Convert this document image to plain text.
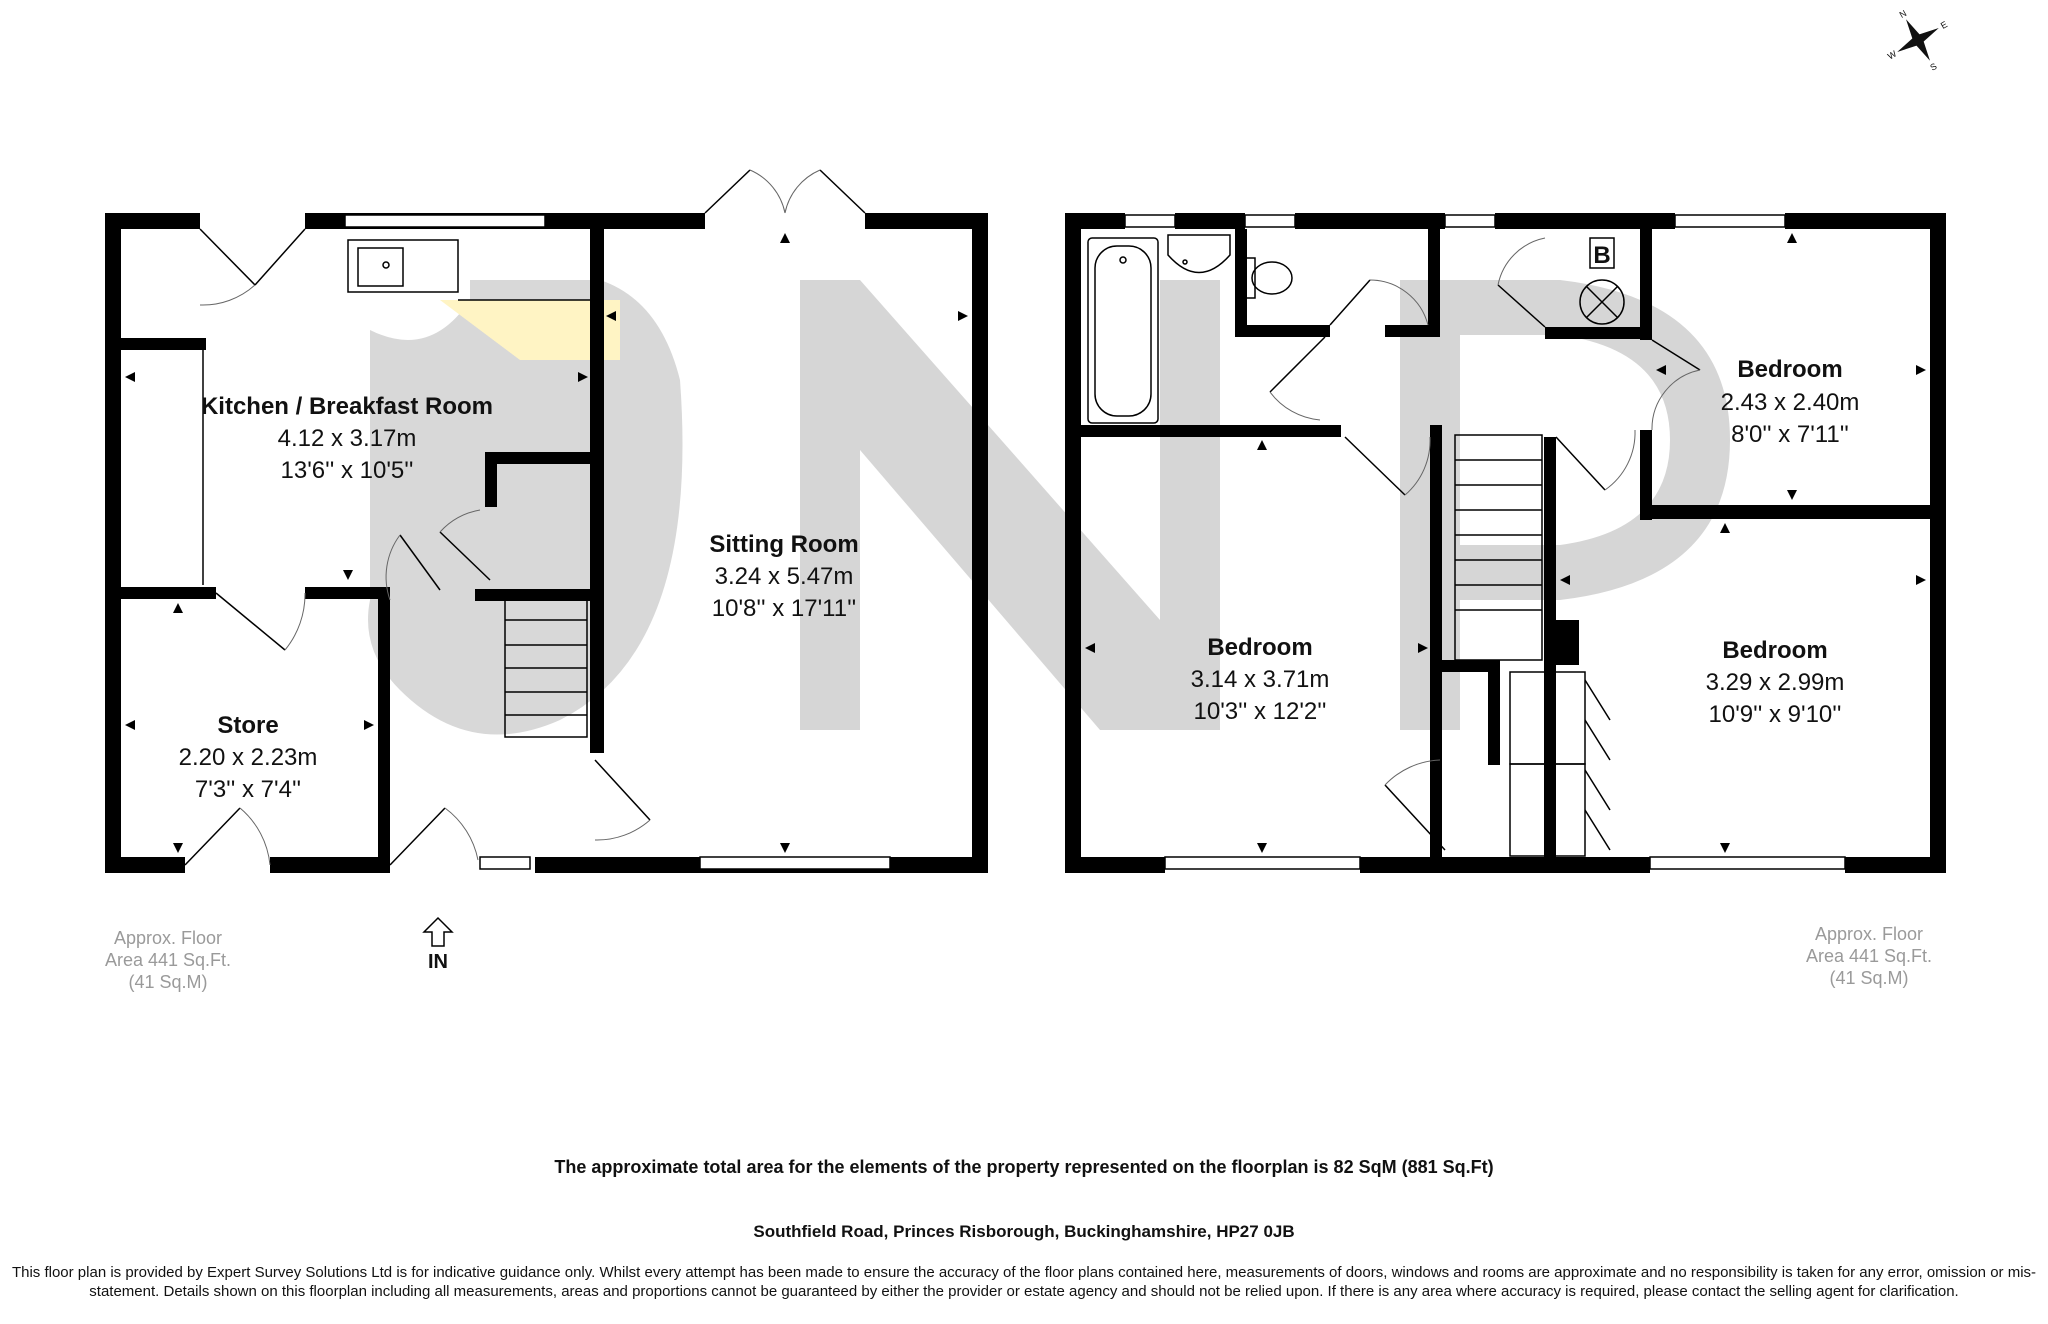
Kitchen / Breakfast Room
4.12 x 3.17m
13'6'' x 10'5''
Sitting Room
3.24 x 5.47m
10'8'' x 17'11''
Store
2.20 x 2.23m
7'3'' x 7'4''
Bedroom
2.43 x 2.40m
8'0'' x 7'11''
Bedroom
3.14 x 3.71m
10'3'' x 12'2''
Bedroom
3.29 x 2.99m
10'9'' x 9'10''
B
Approx. Floor
Area 441 Sq.Ft.
(41 Sq.M)
Approx. Floor
Area 441 Sq.Ft.
(41 Sq.M)
IN
N
E
S
W
The approximate total area for the elements of the property represented on the floorplan is 82 SqM (881 Sq.Ft)
Southfield Road, Princes Risborough, Buckinghamshire, HP27 0JB
This floor plan is provided by Expert Survey Solutions Ltd is for indicative guidance only. Whilst every attempt has been made to ensure the accuracy of the floor plans contained here, measurements of doors, windows and rooms are approximate and no responsibility is taken for any error, omission or mis-statement. Details shown on this floorplan including all measurements, areas and proportions cannot be guaranteed by either the provider or estate agency and should not be relied upon. If there is any area where accuracy is required, please contact the selling agent for clarification.
